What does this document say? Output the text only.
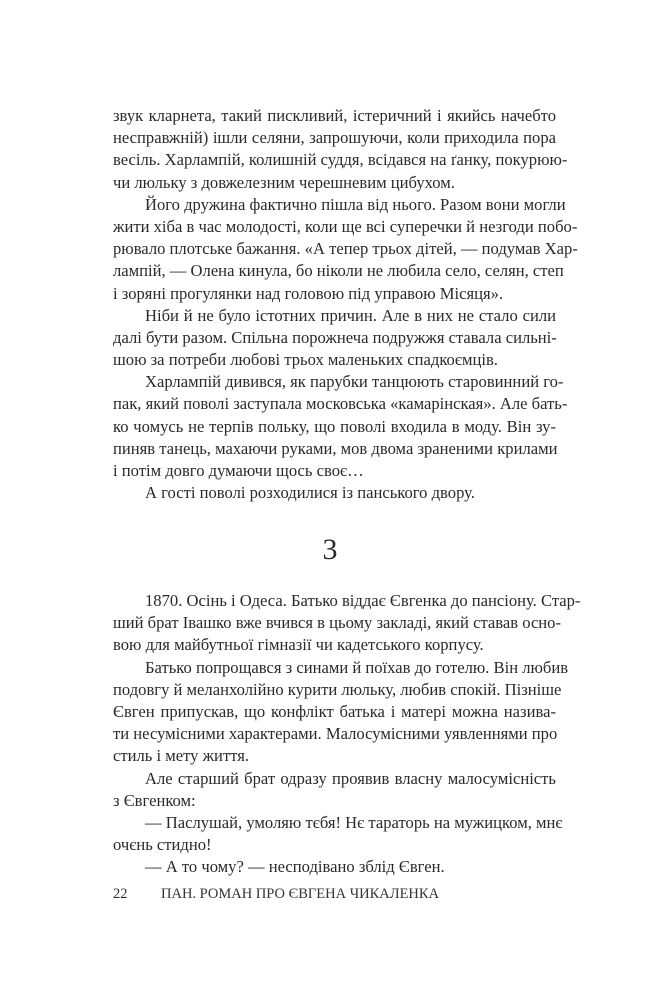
звук кларнета, такий пискливий, істеричний і якийсь начебто
несправжній) ішли селяни, запрошуючи, коли приходила пора
весіль. Харлампій, колишній суддя, всідався на ґанку, покурюю-
чи люльку з довжелезним черешневим цибухом.
Його дружина фактично пішла від нього. Разом вони могли
жити хіба в час молодості, коли ще всі суперечки й незгоди побо-
рювало плотське бажання. «А тепер трьох дітей, — подумав Хар-
лампій, — Олена кинула, бо ніколи не любила село, селян, степ
і зоряні прогулянки над головою під управою Місяця».
Ніби й не було істотних причин. Але в них не стало сили
далі бути разом. Спільна порожнеча подружжя ставала сильні-
шою за потреби любові трьох маленьких спадкоємців.
Харлампій дивився, як парубки танцюють старовинний го-
пак, який поволі заступала московська «камарінская». Але бать-
ко чомусь не терпів польку, що поволі входила в моду. Він зу-
пиняв танець, махаючи руками, мов двома зраненими крилами
і потім довго думаючи щось своє…
А гості поволі розходилися із панського двору.
3
1870. Осінь і Одеса. Батько віддає Євгенка до пансіону. Стар-
ший брат Івашко вже вчився в цьому закладі, який ставав осно-
вою для майбутньої гімназії чи кадетського корпусу.
Батько попрощався з синами й поїхав до готелю. Він любив
подовгу й меланхолійно курити люльку, любив спокій. Пізніше
Євген припускав, що конфлікт батька і матері можна назива-
ти несумісними характерами. Малосумісними уявленнями про
стиль і мету життя.
Але старший брат одразу проявив власну малосумісність
з Євгенком:
— Паслушай, умоляю тєбя! Нє тараторь на мужицком, мнє
очєнь стидно!
— А то чому? — несподівано зблід Євген.
22 ПАН. РОМАН ПРО ЄВГЕНА ЧИКАЛЕНКА
